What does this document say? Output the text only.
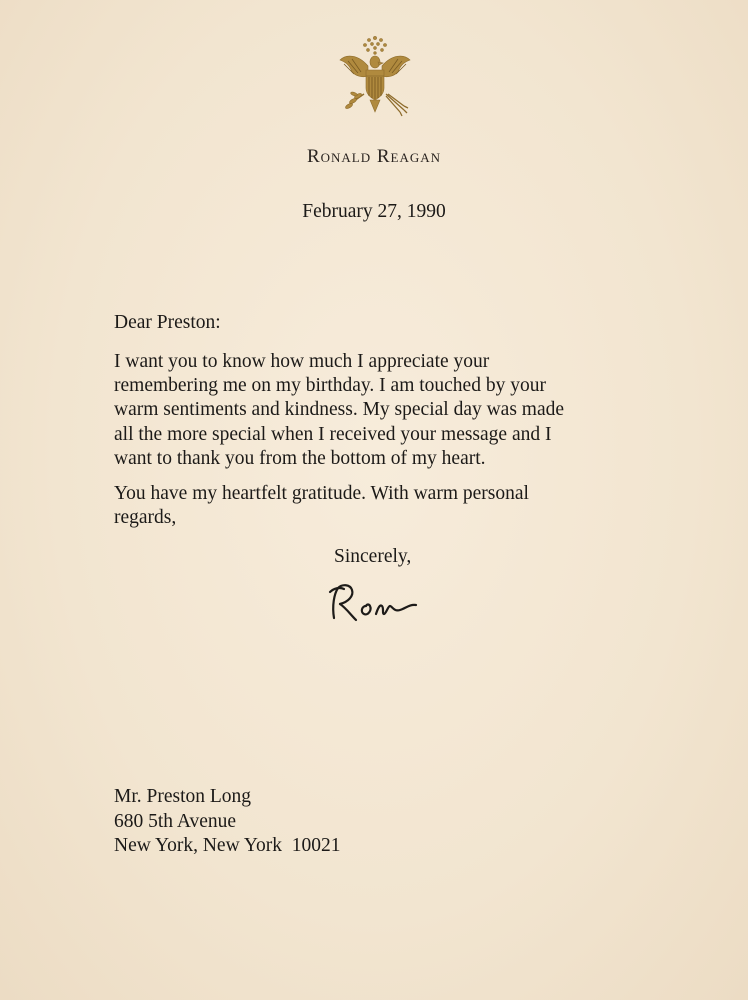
Ronald Reagan
February 27, 1990
Dear Preston:
I want you to know how much I appreciate your
remembering me on my birthday. I am touched by your
warm sentiments and kindness. My special day was made
all the more special when I received your message and I
want to thank you from the bottom of my heart.
You have my heartfelt gratitude. With warm personal
regards,
Sincerely,
Mr. Preston Long
680 5th Avenue
New York, New York  10021
